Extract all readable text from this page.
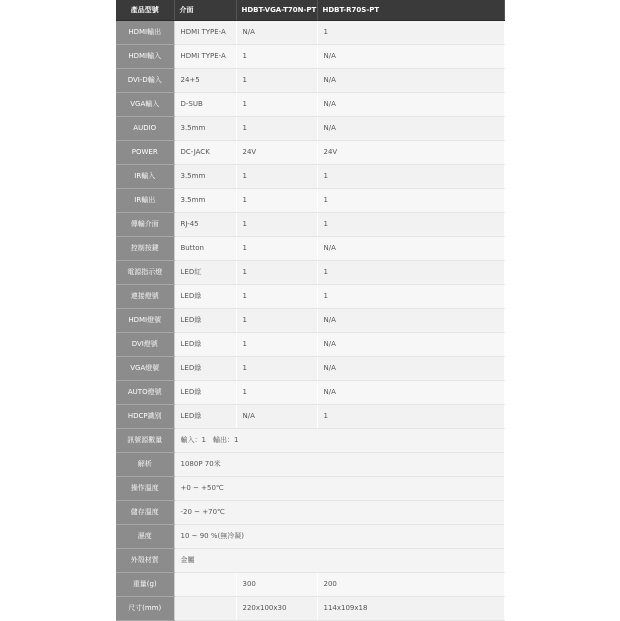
產品型號	介面	HDBT-VGA-T70N-PT	HDBT-R70S-PT
HDMI輸出	HDMI TYPE-A	N/A	1
HDMI輸入	HDMI TYPE-A	1	N/A
DVI-D輸入	24+5	1	N/A
VGA輸入	D-SUB	1	N/A
AUDIO	3.5mm	1	N/A
POWER	DC-JACK	24V	24V
IR輸入	3.5mm	1	1
IR輸出	3.5mm	1	1
傳輸介面	RJ-45	1	1
控制按鍵	Button	1	N/A
電源指示燈	LED紅	1	1
連接燈號	LED綠	1	1
HDMI燈號	LED綠	1	N/A
DVI燈號	LED綠	1	N/A
VGA燈號	LED綠	1	N/A
AUTO燈號	LED綠	1	N/A
HDCP識別	LED綠	N/A	1
訊號源數量	輸入：1　輸出：1		
解析	1080P 70米		
操作溫度	+0 ~ +50℃		
儲存溫度	-20 ~ +70℃		
濕度	10 ~ 90 %(無冷凝)		
外殼材質	金屬		
重量(g)		300	200
尺寸(mm)		220x100x30	114x109x18
